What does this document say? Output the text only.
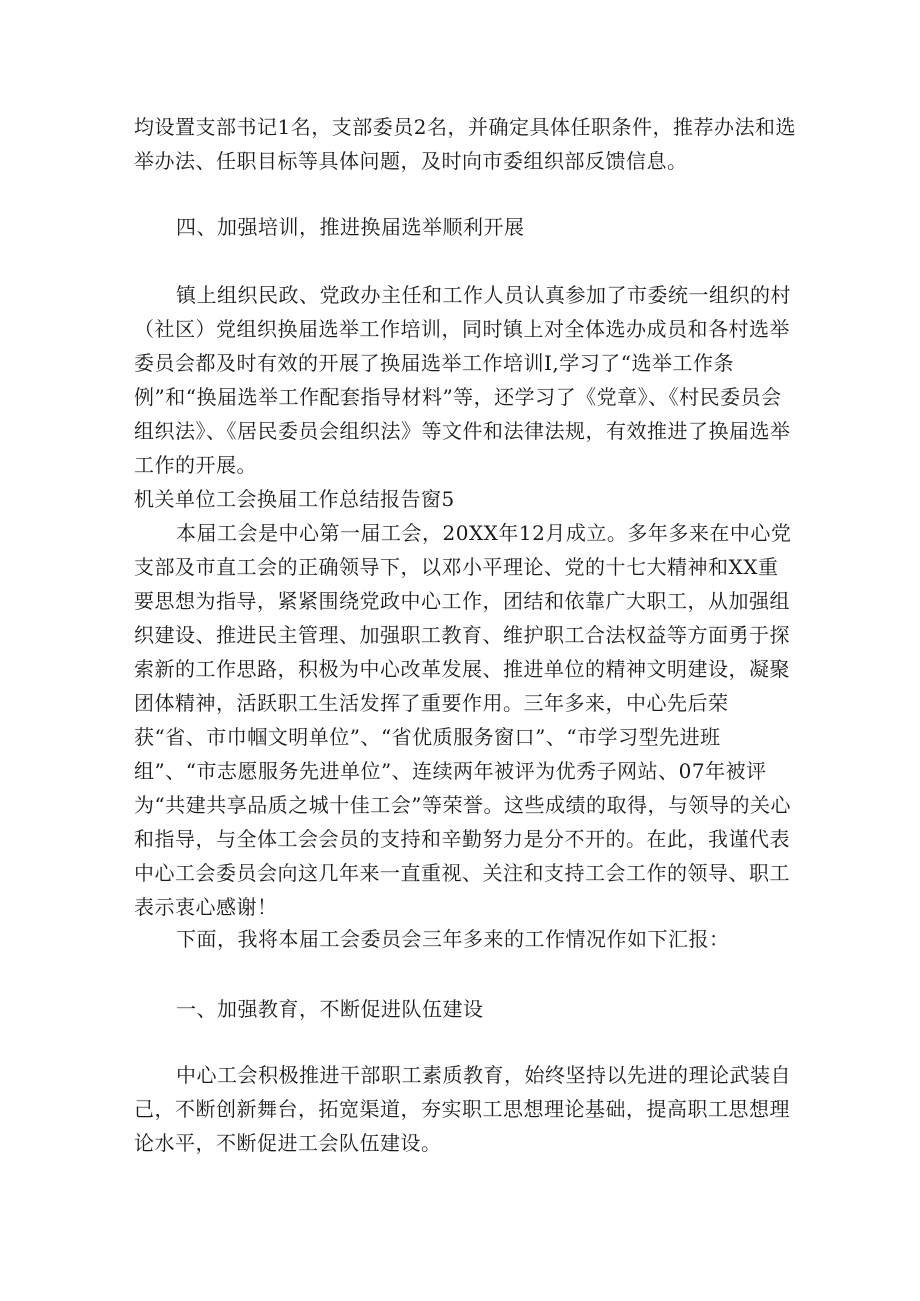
均设置支部书记1名，支部委员2名，并确定具体任职条件，推荐办法和选举办法、任职目标等具体问题，及时向市委组织部反馈信息。

四、加强培训，推进换届选举顺利开展

镇上组织民政、党政办主任和工作人员认真参加了市委统一组织的村（社区）党组织换届选举工作培训，同时镇上对全体选办成员和各村选举委员会都及时有效的开展了换届选举工作培训I,学习了“选举工作条例”和“换届选举工作配套指导材料”等，还学习了《党章》、《村民委员会组织法》、《居民委员会组织法》等文件和法律法规，有效推进了换届选举工作的开展。

机关单位工会换届工作总结报告窗5

本届工会是中心第一届工会，20XX年12月成立。多年多来在中心党支部及市直工会的正确领导下，以邓小平理论、党的十七大精神和XX重要思想为指导，紧紧围绕党政中心工作，团结和依靠广大职工，从加强组织建设、推进民主管理、加强职工教育、维护职工合法权益等方面勇于探索新的工作思路，积极为中心改革发展、推进单位的精神文明建设，凝聚团体精神，活跃职工生活发挥了重要作用。三年多来，中心先后荣获“省、市巾帼文明单位”、“省优质服务窗口”、“市学习型先进班组”、“市志愿服务先进单位”、连续两年被评为优秀子网站、07年被评为“共建共享品质之城十佳工会”等荣誉。这些成绩的取得，与领导的关心和指导，与全体工会会员的支持和辛勤努力是分不开的。在此，我谨代表中心工会委员会向这几年来一直重视、关注和支持工会工作的领导、职工表示衷心感谢！

下面，我将本届工会委员会三年多来的工作情况作如下汇报：

一、加强教育，不断促进队伍建设

中心工会积极推进干部职工素质教育，始终坚持以先进的理论武装自己，不断创新舞台，拓宽渠道，夯实职工思想理论基础，提高职工思想理论水平，不断促进工会队伍建设。
